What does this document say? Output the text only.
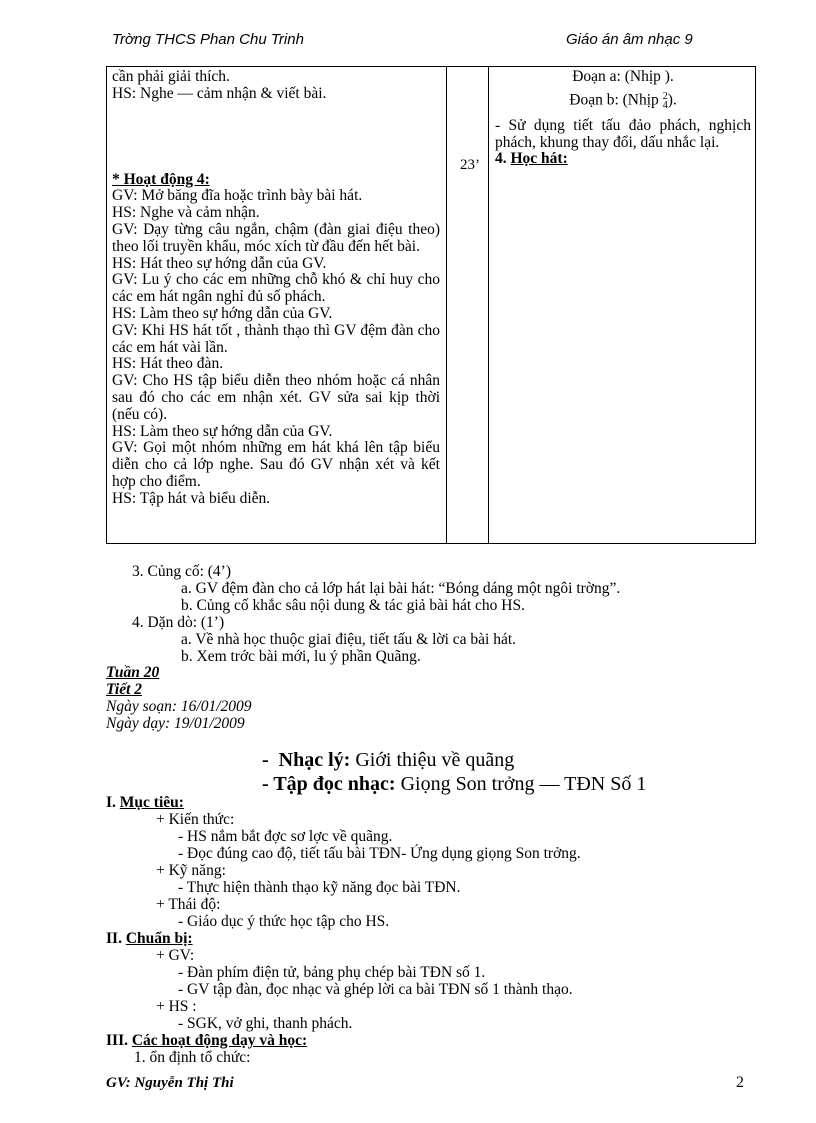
Trờng THCS Phan Chu Trinh	Giáo án âm nhạc 9

cần phải giải thích.

HS: Nghe — cảm nhận & viết bài.

* Hoạt động 4:

GV: Mở băng đĩa hoặc trình bày bài hát.

HS: Nghe và cảm nhận.

GV: Dạy từng câu ngắn, chậm (đàn giai điệu theo) theo lối truyền khẩu, móc xích từ đầu đến hết bài.

HS: Hát theo sự hớng dẫn của GV.

GV: Lu ý cho các em những chỗ khó & chỉ huy cho các em hát ngân nghỉ đủ số phách.

HS: Làm theo sự hớng dẫn của GV.

GV: Khi HS hát tốt , thành thạo thì GV đệm đàn cho các em hát vài lần.

HS: Hát theo đàn.

GV: Cho HS tập biểu diễn theo nhóm hoặc cá nhân sau đó cho các em nhận xét. GV sửa sai kịp thời (nếu có).

HS: Làm theo sự hớng dẫn của GV.

GV: Gọi một nhóm những em hát khá lên tập biểu diễn cho cả lớp nghe. Sau đó GV nhận xét và kết hợp cho điểm.

HS: Tập hát và biểu diễn.

23’

Đoạn a: (Nhịp ).

Đoạn b: (Nhịp 2
4).

- Sử dụng tiết tấu đảo phách, nghịch phách, khung thay đổi, dấu nhắc lại.

4. Học hát:

3. Củng cố: (4’)

a. GV đệm đàn cho cả lớp hát lại bài hát: “Bóng dáng một ngôi trờng”.

b. Củng cố khắc sâu nội dung & tác giả bài hát cho HS.

4. Dặn dò: (1’)

a. Về nhà học thuộc giai điệu, tiết tấu & lời ca bài hát.

b. Xem trớc bài mới, lu ý phần Quãng.

Tuần 20

Tiết 2

Ngày soạn: 16/01/2009

Ngày dạy: 19/01/2009

-  Nhạc lý: Giới thiệu về quãng
- Tập đọc nhạc: Giọng Son trởng — TĐN Số 1

I. Mục tiêu:

+ Kiến thức:

- HS nắm bắt đợc sơ lợc về quãng.

- Đọc đúng cao độ, tiết tấu bài TĐN- Ứng dụng giọng Son trởng.

+ Kỹ năng:

- Thực hiện thành thạo kỹ năng đọc bài TĐN.

+ Thái độ:

- Giáo dục ý thức học tập cho HS.

II. Chuẩn bị:

+ GV:

- Đàn phím điện tử, bảng phụ chép bài TĐN số 1.

- GV tập đàn, đọc nhạc và ghép lời ca bài TĐN số 1 thành thạo.

+ HS :

- SGK, vở ghi, thanh phách.

III. Các hoạt động dạy và học:

1. ổn định tổ chức:

GV: Nguyễn Thị Thi	2
